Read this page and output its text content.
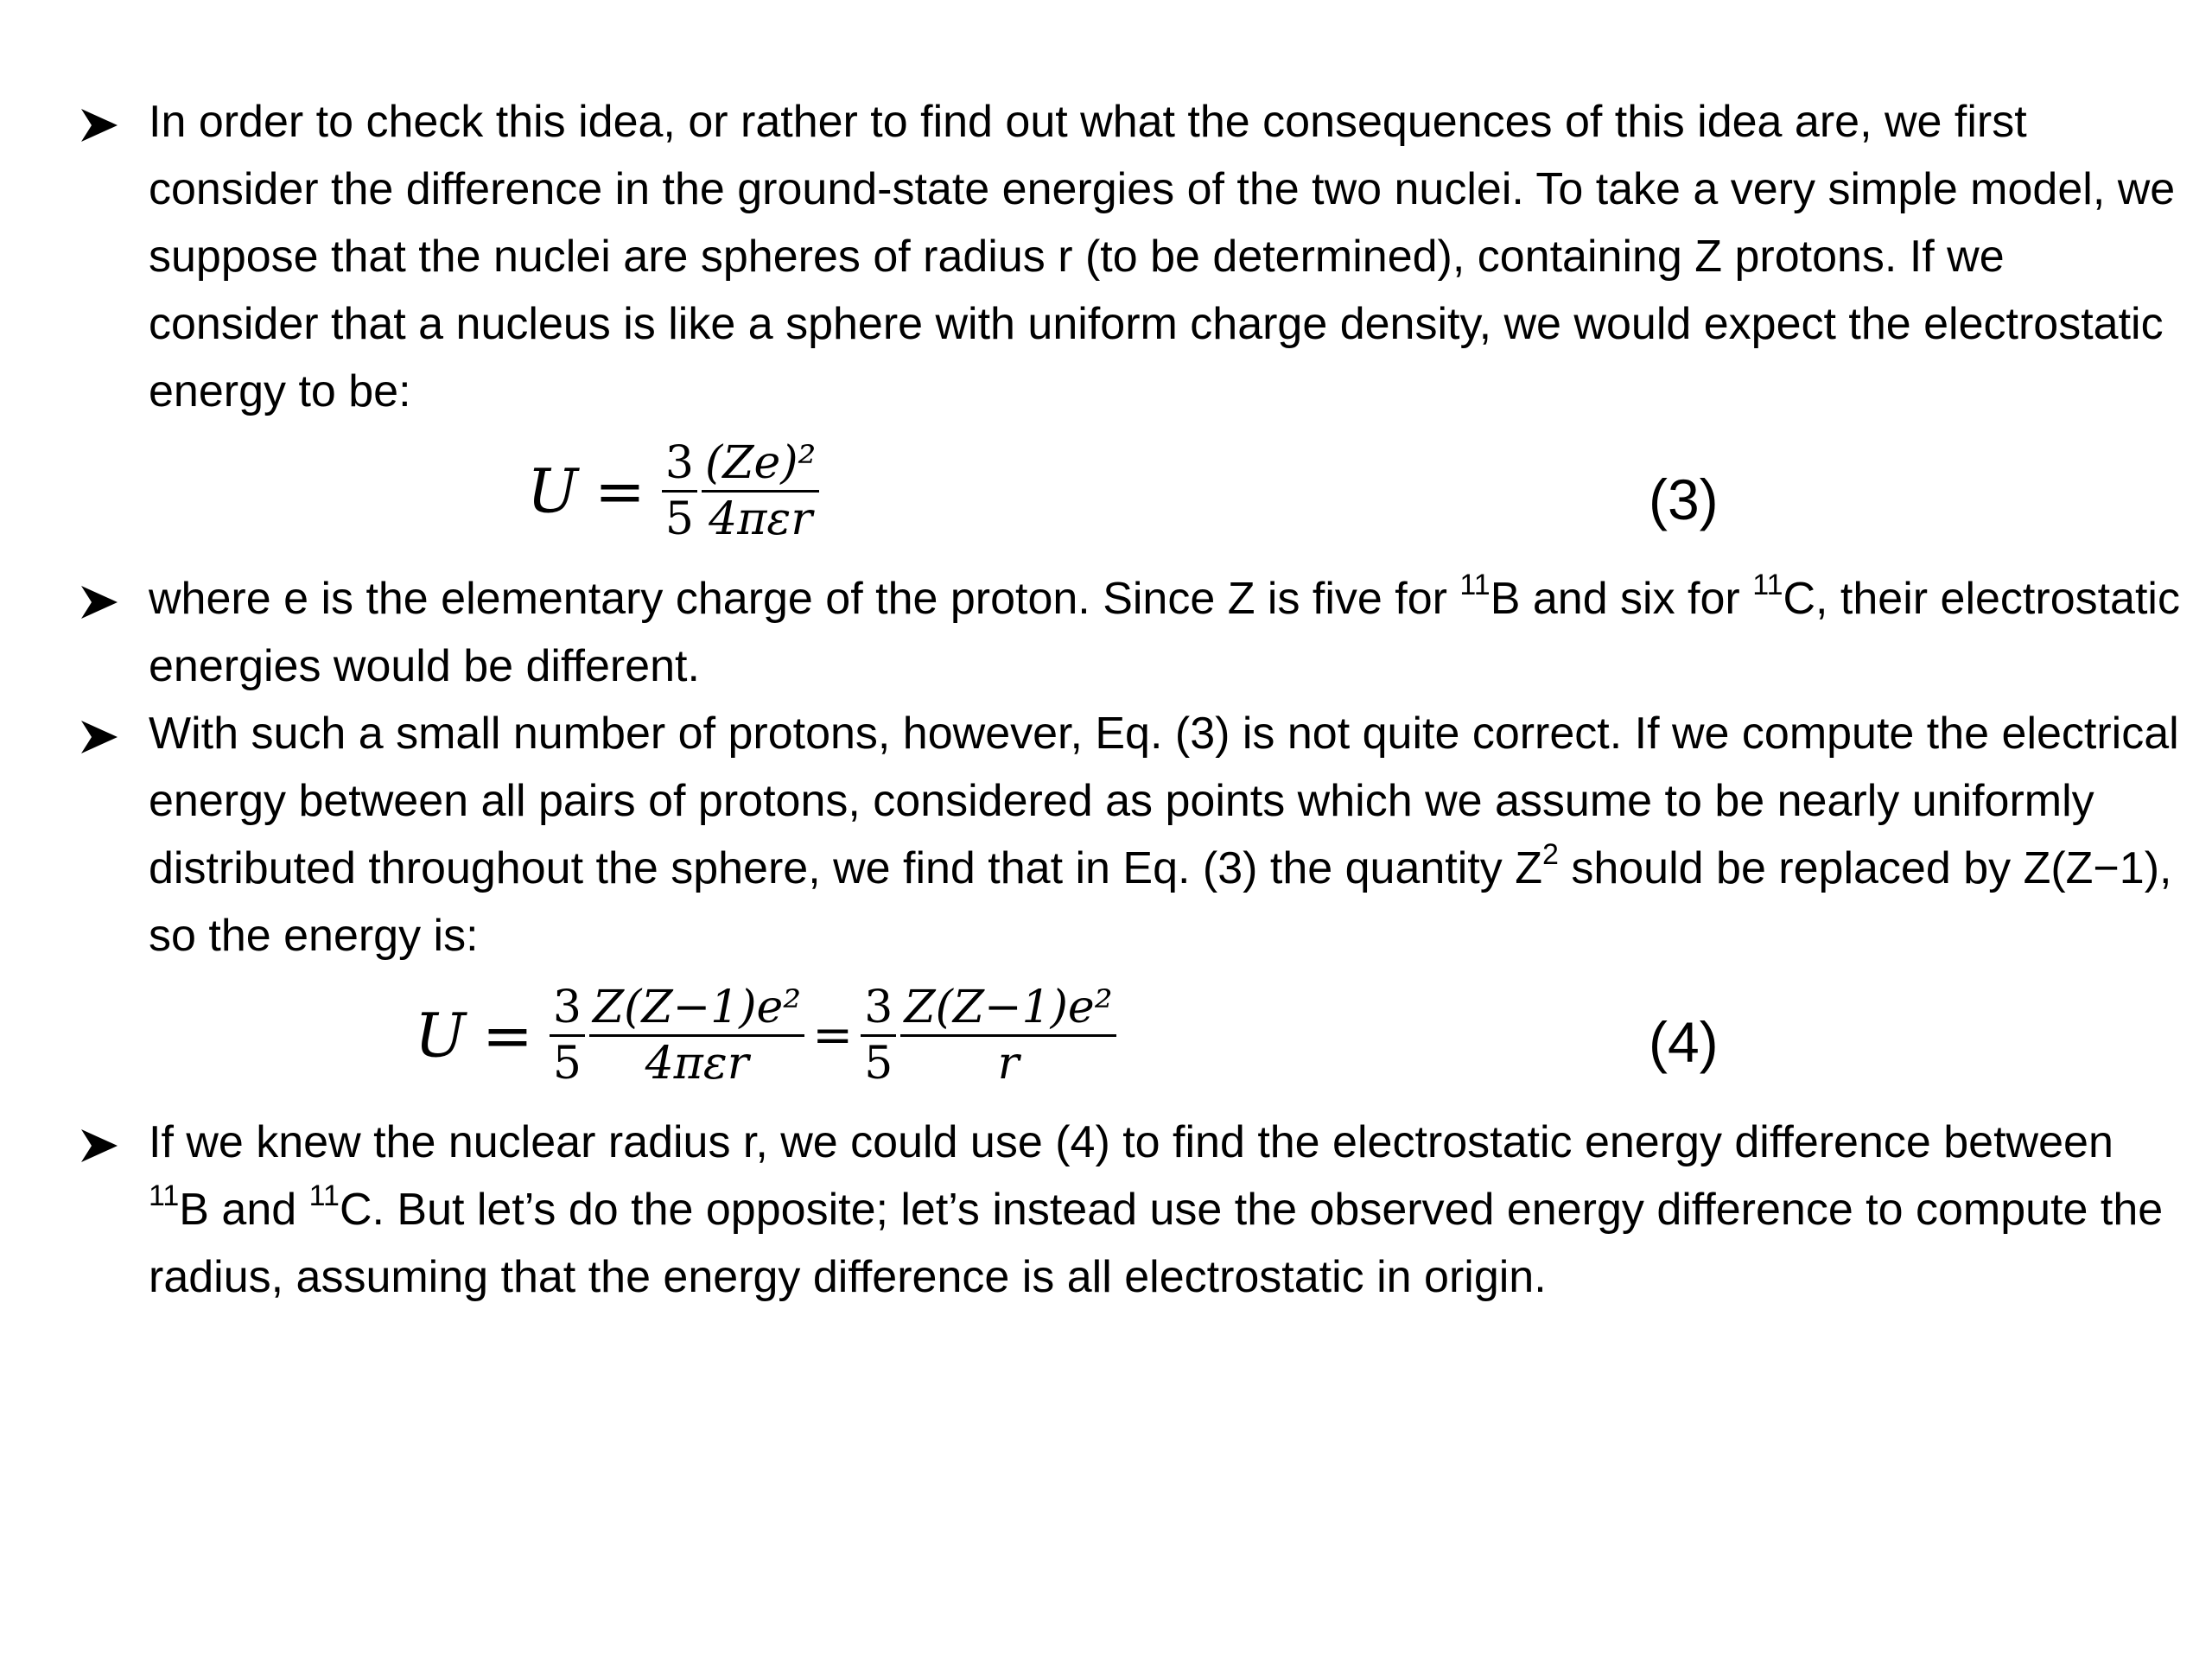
In order to check this idea, or rather to find out what the consequences of this idea are, we first consider the difference in the ground-state energies of the two nuclei. To take a very simple model, we suppose that the nuclei are spheres of radius r (to be determined), containing Z protons. If we consider that a nucleus is like a sphere with uniform charge density, we would expect the electrostatic energy to be:
$U = \frac{3}{5}$
$\frac{\text{(Ze)²}}{\text{4πεr}}$	(3)
where e is the elementary charge of the proton. Since Z is five for $^{11}$B and six for $^{11}$C, their electrostatic energies would be different.
With such a small number of protons, however, Eq. (3) is not quite correct. If we compute the electrical energy between all pairs of protons, considered as points which we assume to be nearly uniformly distributed throughout the sphere, we find that in Eq. (3) the quantity $Z^2$ should be replaced by Z(Z−1), so the energy is:
$U = \frac{3}{5}$
$\frac{\text{Z(Z−1)e²}}{\text{4πεr}} = \frac{3}{5}$
$\frac{\text{Z(Z−1)e²}}{r}$	(4)
If we knew the nuclear radius r, we could use (4) to find the electrostatic energy difference between $^{11}$B and $^{11}$C. But let’s do the opposite; let’s instead use the observed energy difference to compute the radius, assuming that the energy difference is all electrostatic in origin.
